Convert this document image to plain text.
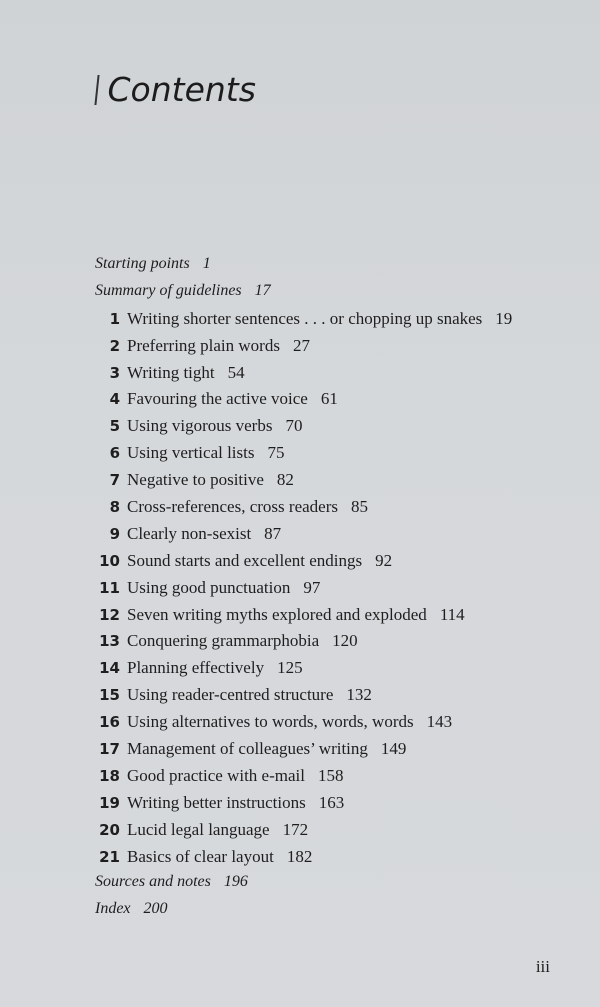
Contents
Starting points 1
Summary of guidelines 17
1 Writing shorter sentences . . . or chopping up snakes 19
2 Preferring plain words 27
3 Writing tight 54
4 Favouring the active voice 61
5 Using vigorous verbs 70
6 Using vertical lists 75
7 Negative to positive 82
8 Cross-references, cross readers 85
9 Clearly non-sexist 87
10 Sound starts and excellent endings 92
11 Using good punctuation 97
12 Seven writing myths explored and exploded 114
13 Conquering grammarphobia 120
14 Planning effectively 125
15 Using reader-centred structure 132
16 Using alternatives to words, words, words 143
17 Management of colleagues’ writing 149
18 Good practice with e-mail 158
19 Writing better instructions 163
20 Lucid legal language 172
21 Basics of clear layout 182
Sources and notes 196
Index 200
iii
